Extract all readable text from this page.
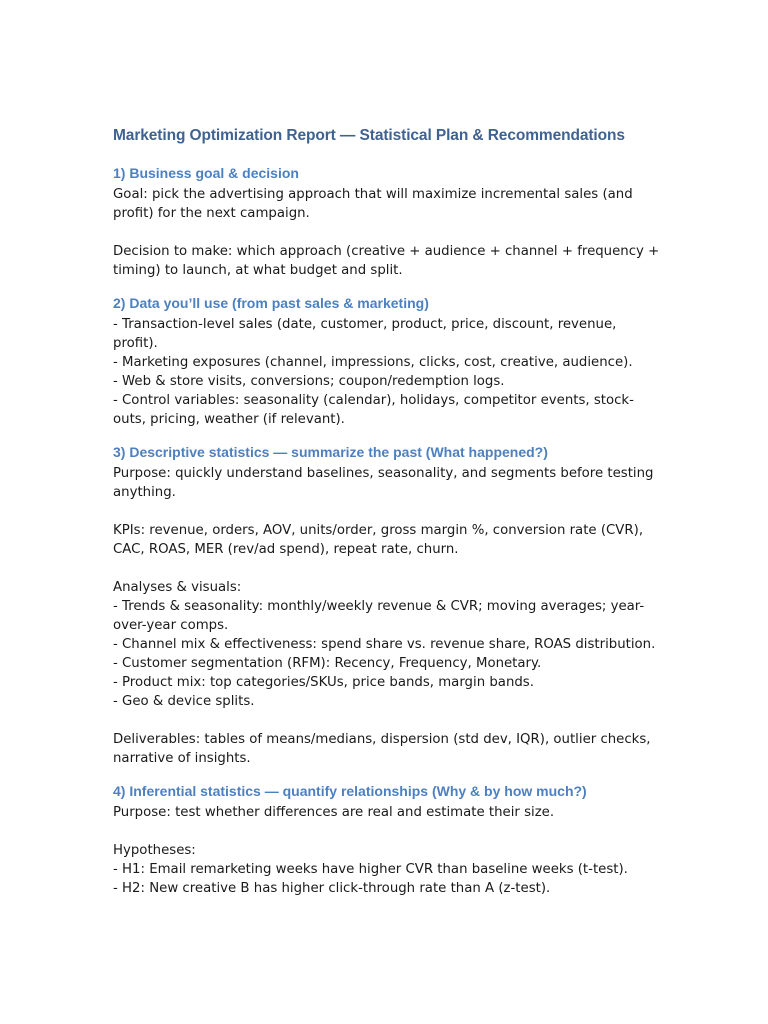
Marketing Optimization Report — Statistical Plan & Recommendations
1) Business goal & decision

Goal: pick the advertising approach that will maximize incremental sales (and profit) for the next campaign.

Decision to make: which approach (creative + audience + channel + frequency + timing) to launch, at what budget and split.

2) Data you’ll use (from past sales & marketing)
- Transaction-level sales (date, customer, product, price, discount, revenue, profit).
- Marketing exposures (channel, impressions, clicks, cost, creative, audience).
- Web & store visits, conversions; coupon/redemption logs.
- Control variables: seasonality (calendar), holidays, competitor events, stock-outs, pricing, weather (if relevant).
3) Descriptive statistics — summarize the past (What happened?)

Purpose: quickly understand baselines, seasonality, and segments before testing anything.

KPIs: revenue, orders, AOV, units/order, gross margin %, conversion rate (CVR), CAC, ROAS, MER (rev/ad spend), repeat rate, churn.

Analyses & visuals:

- Trends & seasonality: monthly/weekly revenue & CVR; moving averages; year-over-year comps.
- Channel mix & effectiveness: spend share vs. revenue share, ROAS distribution.
- Customer segmentation (RFM): Recency, Frequency, Monetary.
- Product mix: top categories/SKUs, price bands, margin bands.
- Geo & device splits.

Deliverables: tables of means/medians, dispersion (std dev, IQR), outlier checks, narrative of insights.

4) Inferential statistics — quantify relationships (Why & by how much?)

Purpose: test whether differences are real and estimate their size.

Hypotheses:

- H1: Email remarketing weeks have higher CVR than baseline weeks (t-test).
- H2: New creative B has higher click-through rate than A (z-test).
